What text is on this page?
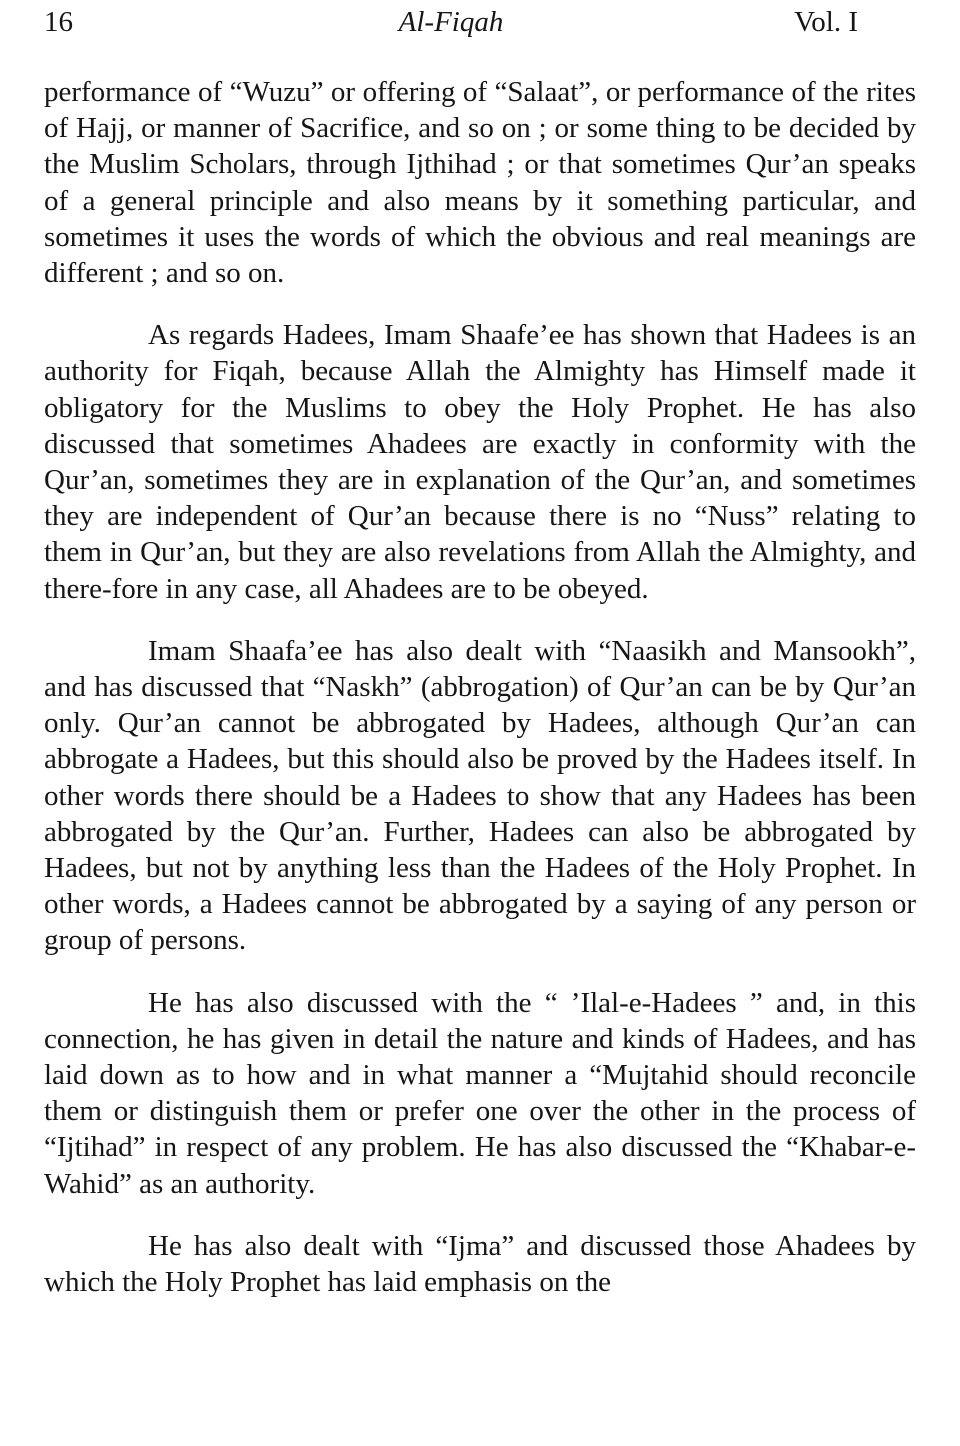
16	Al-Fiqah	Vol. I

performance of “Wuzu” or offering of “Salaat”, or performance of the rites of Hajj, or manner of Sacrifice, and so on ; or some thing to be decided by the Muslim Scholars, through Ijthihad ; or that sometimes Qur’an speaks of a general principle and also means by it something particular, and sometimes it uses the words of which the obvious and real meanings are different ; and so on.

As regards Hadees, Imam Shaafe’ee has shown that Hadees is an authority for Fiqah, because Allah the Almighty has Himself made it obligatory for the Muslims to obey the Holy Prophet. He has also discussed that sometimes Ahadees are exactly in conformity with the Qur’an, sometimes they are in explanation of the Qur’an, and sometimes they are independent of Qur’an because there is no “Nuss” relating to them in Qur’an, but they are also revelations from Allah the Almighty, and there-fore in any case, all Ahadees are to be obeyed.

Imam Shaafa’ee has also dealt with “Naasikh and Mansookh”, and has discussed that “Naskh” (abbrogation) of Qur’an can be by Qur’an only. Qur’an cannot be abbrogated by Hadees, although Qur’an can abbrogate a Hadees, but this should also be proved by the Hadees itself. In other words there should be a Hadees to show that any Hadees has been abbrogated by the Qur’an. Further, Hadees can also be abbrogated by Hadees, but not by anything less than the Hadees of the Holy Prophet. In other words, a Hadees cannot be abbrogated by a saying of any person or group of persons.

He has also discussed with the “ ’Ilal-e-Hadees ” and, in this connection, he has given in detail the nature and kinds of Hadees, and has laid down as to how and in what manner a “Mujtahid should reconcile them or distinguish them or prefer one over the other in the process of “Ijtihad” in respect of any problem. He has also discussed the “Khabar-e-Wahid” as an authority.

He has also dealt with “Ijma” and discussed those Ahadees by which the Holy Prophet has laid emphasis on the
